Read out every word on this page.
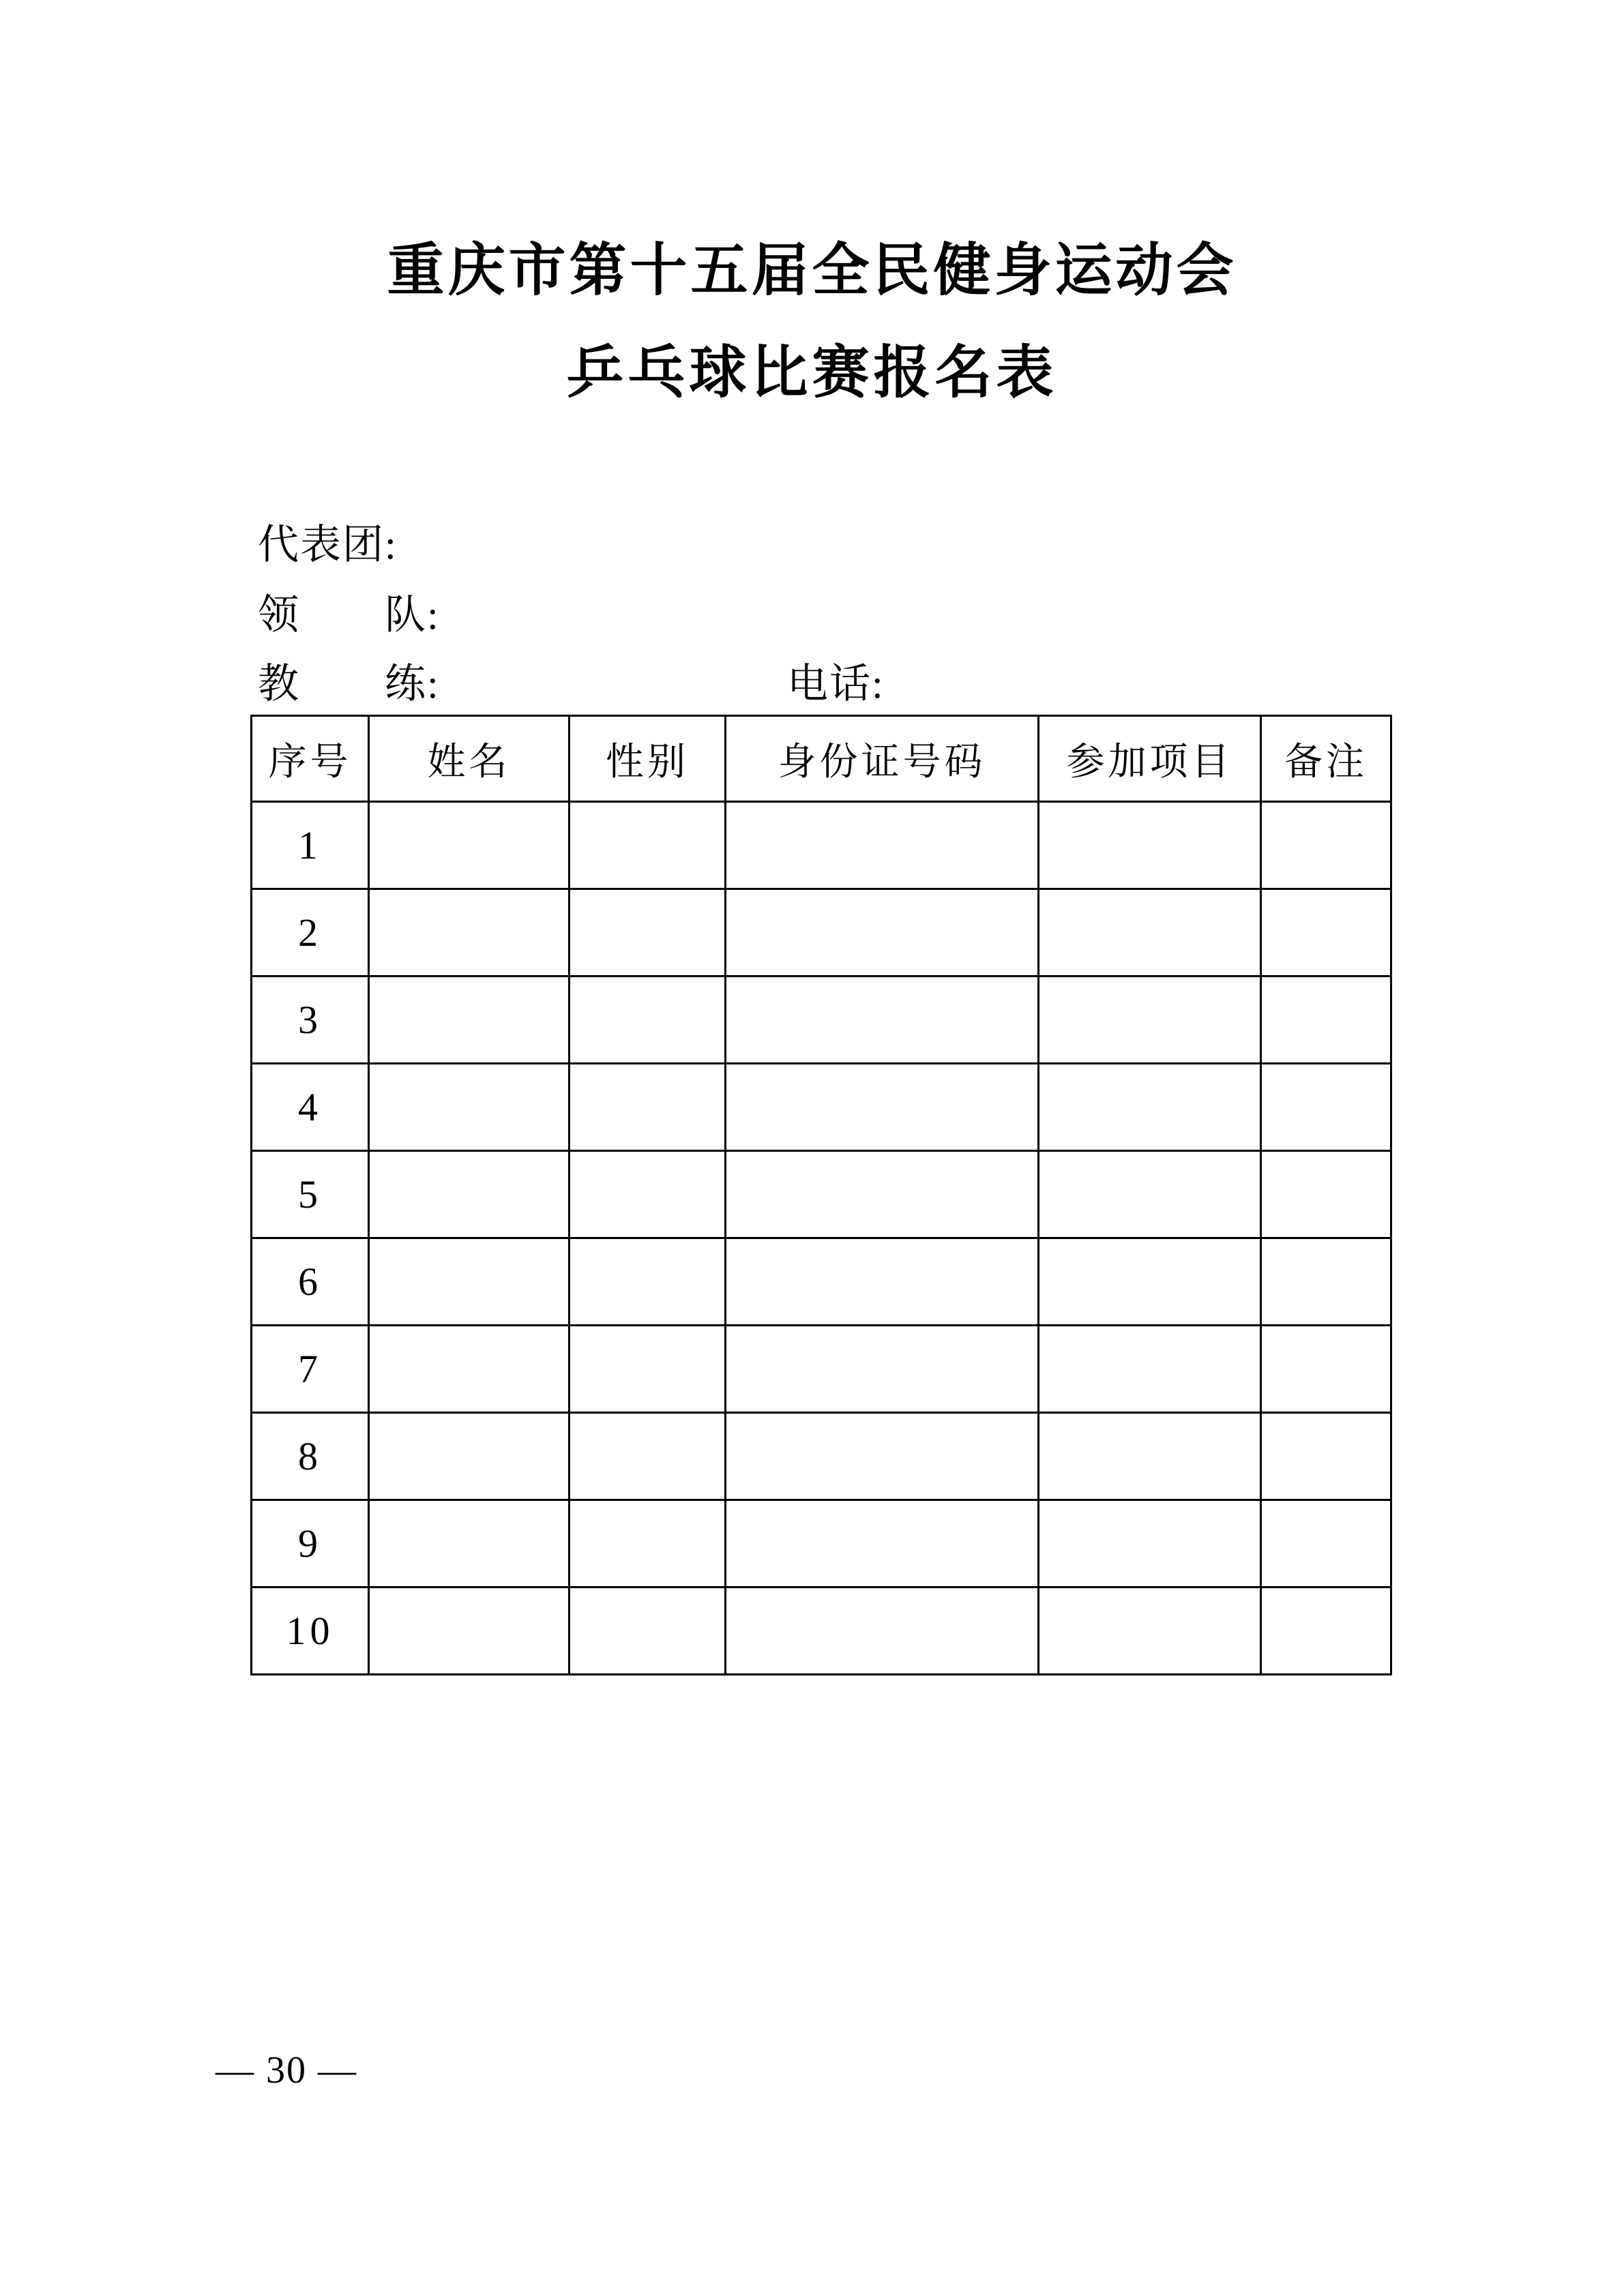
重庆市第十五届全民健身运动会
乒乓球比赛报名表
代表团:
领　　队:
教　　练:	电话:
序号	姓名	性别	身份证号码	参加项目	备注
1					
2					
3					
4					
5					
6					
7					
8					
9					
10					
— 30 —
